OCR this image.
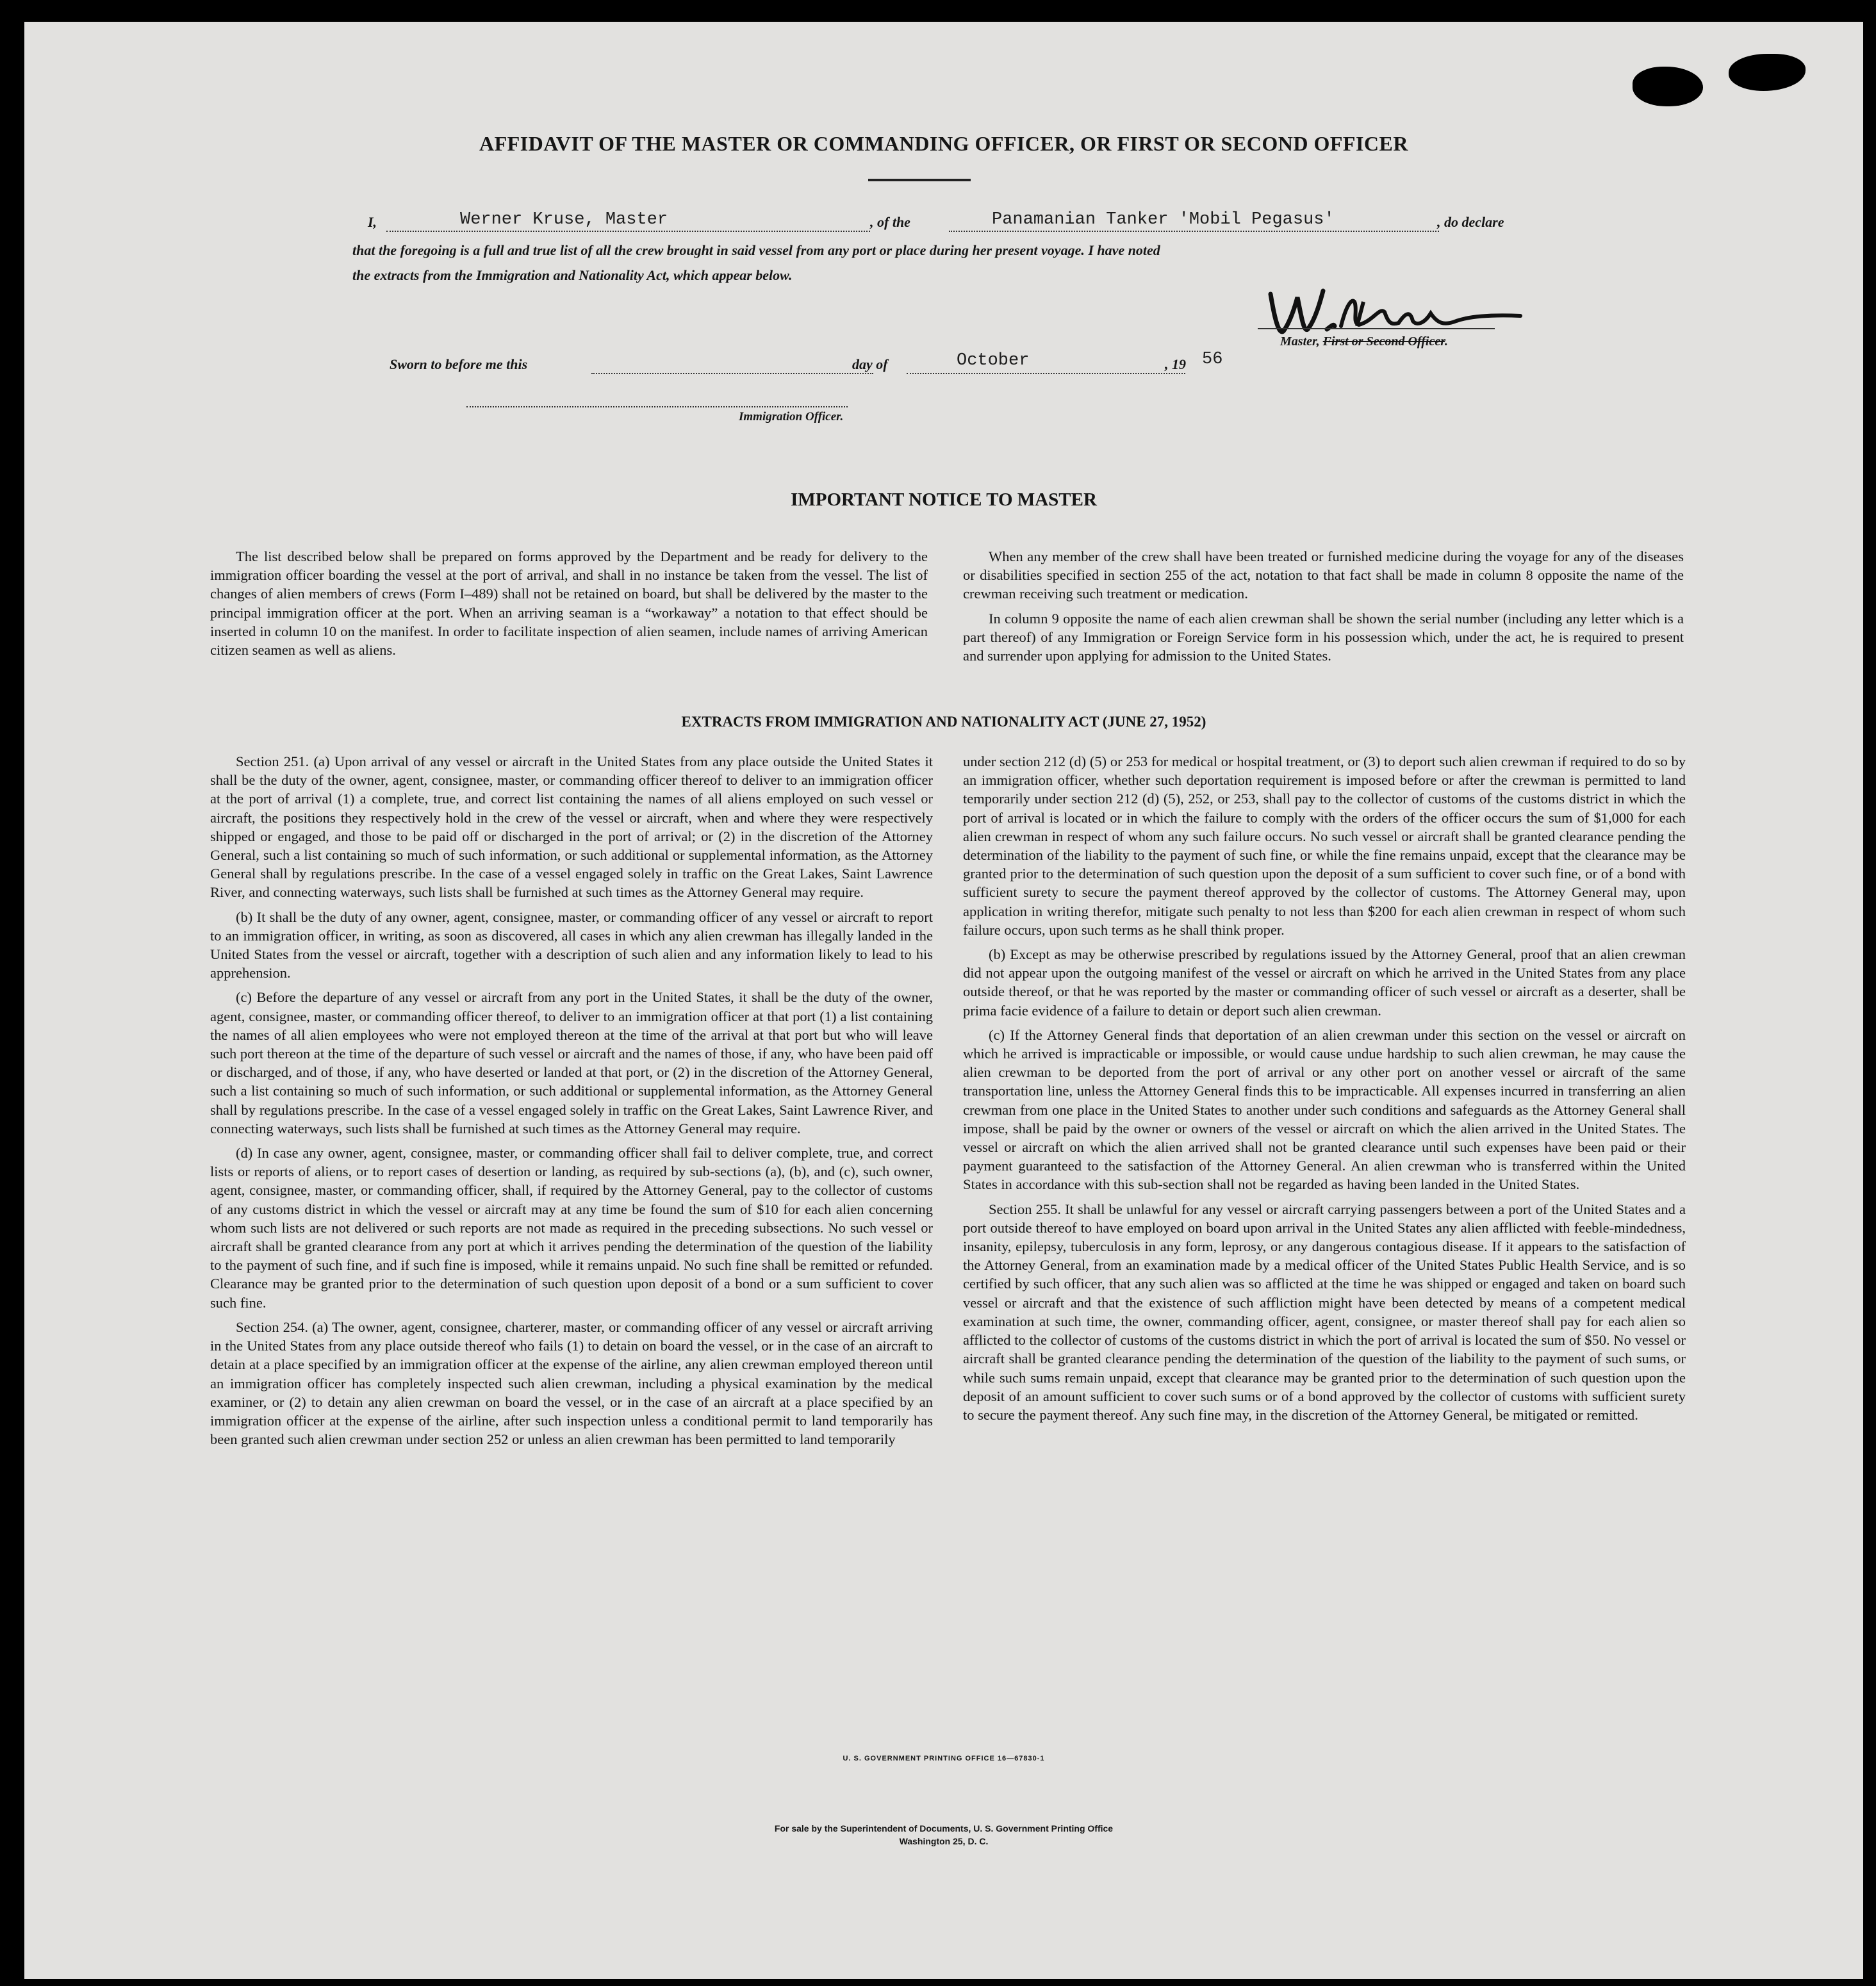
AFFIDAVIT OF THE MASTER OR COMMANDING OFFICER, OR FIRST OR SECOND OFFICER
I,	Werner Kruse, Master	, of the	Panamanian Tanker 'Mobil Pegasus'	, do declare
that the foregoing is a full and true list of all the crew brought in said vessel from any port or place during her present voyage. I have noted
the extracts from the Immigration and Nationality Act, which appear below.
Master, First or Second Officer.
Sworn to before me this	day of	October	, 19 56
Immigration Officer.
IMPORTANT NOTICE TO MASTER

The list described below shall be prepared on forms approved by the Department and be ready for delivery to the immigration officer boarding the vessel at the port of arrival, and shall in no instance be taken from the vessel. The list of changes of alien members of crews (Form I–489) shall not be retained on board, but shall be delivered by the master to the principal immigration officer at the port. When an arriving seaman is a “workaway” a notation to that effect should be inserted in column 10 on the manifest. In order to facilitate inspection of alien seamen, include names of arriving American citizen seamen as well as aliens.

When any member of the crew shall have been treated or furnished medicine during the voyage for any of the diseases or disabilities specified in section 255 of the act, notation to that fact shall be made in column 8 opposite the name of the crewman receiving such treatment or medication.

In column 9 opposite the name of each alien crewman shall be shown the serial number (including any letter which is a part thereof) of any Immigration or Foreign Service form in his possession which, under the act, he is required to present and surrender upon applying for admission to the United States.

EXTRACTS FROM IMMIGRATION AND NATIONALITY ACT (JUNE 27, 1952)

Section 251. (a) Upon arrival of any vessel or aircraft in the United States from any place outside the United States it shall be the duty of the owner, agent, consignee, master, or commanding officer thereof to deliver to an immigration officer at the port of arrival (1) a complete, true, and correct list containing the names of all aliens employed on such vessel or aircraft, the positions they respectively hold in the crew of the vessel or aircraft, when and where they were respectively shipped or engaged, and those to be paid off or discharged in the port of arrival; or (2) in the discretion of the Attorney General, such a list containing so much of such information, or such additional or supplemental information, as the Attorney General shall by regulations prescribe. In the case of a vessel engaged solely in traffic on the Great Lakes, Saint Lawrence River, and connecting waterways, such lists shall be furnished at such times as the Attorney General may require.

(b) It shall be the duty of any owner, agent, consignee, master, or commanding officer of any vessel or aircraft to report to an immigration officer, in writing, as soon as discovered, all cases in which any alien crewman has illegally landed in the United States from the vessel or aircraft, together with a description of such alien and any information likely to lead to his apprehension.

(c) Before the departure of any vessel or aircraft from any port in the United States, it shall be the duty of the owner, agent, consignee, master, or commanding officer thereof, to deliver to an immigration officer at that port (1) a list containing the names of all alien employees who were not employed thereon at the time of the arrival at that port but who will leave such port thereon at the time of the departure of such vessel or aircraft and the names of those, if any, who have been paid off or discharged, and of those, if any, who have deserted or landed at that port, or (2) in the discretion of the Attorney General, such a list containing so much of such information, or such additional or supplemental information, as the Attorney General shall by regulations prescribe. In the case of a vessel engaged solely in traffic on the Great Lakes, Saint Lawrence River, and connecting waterways, such lists shall be furnished at such times as the Attorney General may require.

(d) In case any owner, agent, consignee, master, or commanding officer shall fail to deliver complete, true, and correct lists or reports of aliens, or to report cases of desertion or landing, as required by sub-sections (a), (b), and (c), such owner, agent, consignee, master, or commanding officer, shall, if required by the Attorney General, pay to the collector of customs of any customs district in which the vessel or aircraft may at any time be found the sum of $10 for each alien concerning whom such lists are not delivered or such reports are not made as required in the preceding subsections. No such vessel or aircraft shall be granted clearance from any port at which it arrives pending the determination of the question of the liability to the payment of such fine, and if such fine is imposed, while it remains unpaid. No such fine shall be remitted or refunded. Clearance may be granted prior to the determination of such question upon deposit of a bond or a sum sufficient to cover such fine.

Section 254. (a) The owner, agent, consignee, charterer, master, or commanding officer of any vessel or aircraft arriving in the United States from any place outside thereof who fails (1) to detain on board the vessel, or in the case of an aircraft to detain at a place specified by an immigration officer at the expense of the airline, any alien crewman employed thereon until an immigration officer has completely inspected such alien crewman, including a physical examination by the medical examiner, or (2) to detain any alien crewman on board the vessel, or in the case of an aircraft at a place specified by an immigration officer at the expense of the airline, after such inspection unless a conditional permit to land temporarily has been granted such alien crewman under section 252 or unless an alien crewman has been permitted to land temporarily

under section 212 (d) (5) or 253 for medical or hospital treatment, or (3) to deport such alien crewman if required to do so by an immigration officer, whether such deportation requirement is imposed before or after the crewman is permitted to land temporarily under section 212 (d) (5), 252, or 253, shall pay to the collector of customs of the customs district in which the port of arrival is located or in which the failure to comply with the orders of the officer occurs the sum of $1,000 for each alien crewman in respect of whom any such failure occurs. No such vessel or aircraft shall be granted clearance pending the determination of the liability to the payment of such fine, or while the fine remains unpaid, except that the clearance may be granted prior to the determination of such question upon the deposit of a sum sufficient to cover such fine, or of a bond with sufficient surety to secure the payment thereof approved by the collector of customs. The Attorney General may, upon application in writing therefor, mitigate such penalty to not less than $200 for each alien crewman in respect of whom such failure occurs, upon such terms as he shall think proper.

(b) Except as may be otherwise prescribed by regulations issued by the Attorney General, proof that an alien crewman did not appear upon the outgoing manifest of the vessel or aircraft on which he arrived in the United States from any place outside thereof, or that he was reported by the master or commanding officer of such vessel or aircraft as a deserter, shall be prima facie evidence of a failure to detain or deport such alien crewman.

(c) If the Attorney General finds that deportation of an alien crewman under this section on the vessel or aircraft on which he arrived is impracticable or impossible, or would cause undue hardship to such alien crewman, he may cause the alien crewman to be deported from the port of arrival or any other port on another vessel or aircraft of the same transportation line, unless the Attorney General finds this to be impracticable. All expenses incurred in transferring an alien crewman from one place in the United States to another under such conditions and safeguards as the Attorney General shall impose, shall be paid by the owner or owners of the vessel or aircraft on which the alien arrived in the United States. The vessel or aircraft on which the alien arrived shall not be granted clearance until such expenses have been paid or their payment guaranteed to the satisfaction of the Attorney General. An alien crewman who is transferred within the United States in accordance with this sub-section shall not be regarded as having been landed in the United States.

Section 255. It shall be unlawful for any vessel or aircraft carrying passengers between a port of the United States and a port outside thereof to have employed on board upon arrival in the United States any alien afflicted with feeble-mindedness, insanity, epilepsy, tuberculosis in any form, leprosy, or any dangerous contagious disease. If it appears to the satisfaction of the Attorney General, from an examination made by a medical officer of the United States Public Health Service, and is so certified by such officer, that any such alien was so afflicted at the time he was shipped or engaged and taken on board such vessel or aircraft and that the existence of such affliction might have been detected by means of a competent medical examination at such time, the owner, commanding officer, agent, consignee, or master thereof shall pay for each alien so afflicted to the collector of customs of the customs district in which the port of arrival is located the sum of $50. No vessel or aircraft shall be granted clearance pending the determination of the question of the liability to the payment of such sums, or while such sums remain unpaid, except that clearance may be granted prior to the determination of such question upon the deposit of an amount sufficient to cover such sums or of a bond approved by the collector of customs with sufficient surety to secure the payment thereof. Any such fine may, in the discretion of the Attorney General, be mitigated or remitted.

U. S. GOVERNMENT PRINTING OFFICE 16—67830-1
For sale by the Superintendent of Documents, U. S. Government Printing Office
Washington 25, D. C.
